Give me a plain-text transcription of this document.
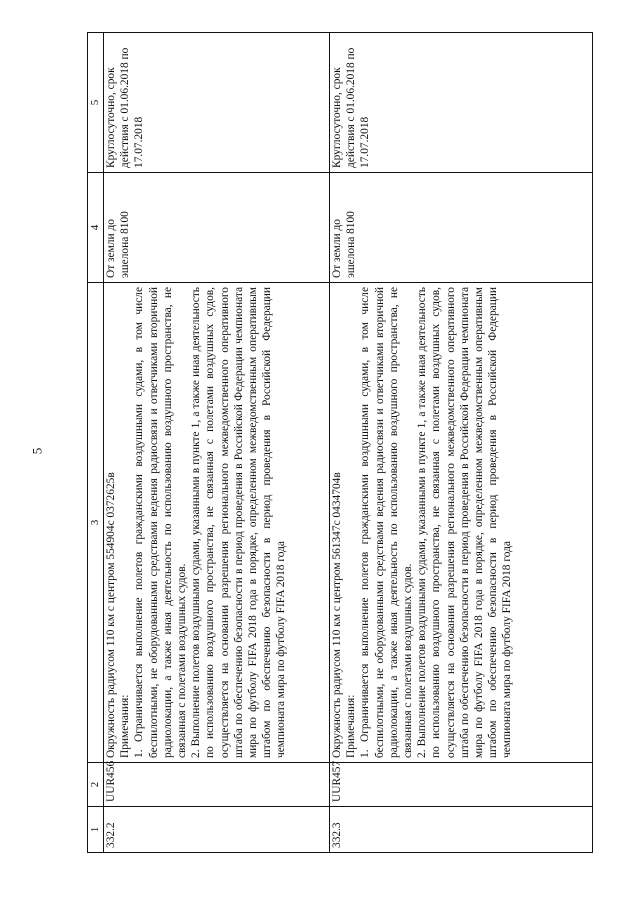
5
1	2	3	4	5
332.2	UUR456	Окружность радиусом 110 км с центром 554904с 0372625в Примечания: 1. Ограничивается выполнение полетов гражданскими воздушными судами, в том числе беспилотными, не оборудованными средствами ведения радиосвязи и ответчиками вторичной радиолокации, а также иная деятельность по использованию воздушного пространства, не связанная с полетами воздушных судов. 2. Выполнение полетов воздушными судами, указанными в пункте 1, а также иная деятельность по использованию воздушного пространства, не связанная с полетами воздушных судов, осуществляется на основании разрешения регионального межведомственного оперативного штаба по обеспечению безопасности в период проведения в Российской Федерации чемпионата мира по футболу FIFA 2018 года в порядке, определенном межведомственным оперативным штабом по обеспечению безопасности в период проведения в Российской Федерации чемпионата мира по футболу FIFA 2018 года	От земли до эшелона 8100	Круглосуточно, срок действия с 01.06.2018 по 17.07.2018
332.3	UUR457	Окружность радиусом 110 км с центром 561347с 0434704в Примечания: 1. Ограничивается выполнение полетов гражданскими воздушными судами, в том числе беспилотными, не оборудованными средствами ведения радиосвязи и ответчиками вторичной радиолокации, а также иная деятельность по использованию воздушного пространства, не связанная с полетами воздушных судов. 2. Выполнение полетов воздушными судами, указанными в пункте 1, а также иная деятельность по использованию воздушного пространства, не связанная с полетами воздушных судов, осуществляется на основании разрешения регионального межведомственного оперативного штаба по обеспечению безопасности в период проведения в Российской Федерации чемпионата мира по футболу FIFA 2018 года в порядке, определенном межведомственным оперативным штабом по обеспечению безопасности в период проведения в Российской Федерации чемпионата мира по футболу FIFA 2018 года	От земли до эшелона 8100	Круглосуточно, срок действия с 01.06.2018 по 17.07.2018
